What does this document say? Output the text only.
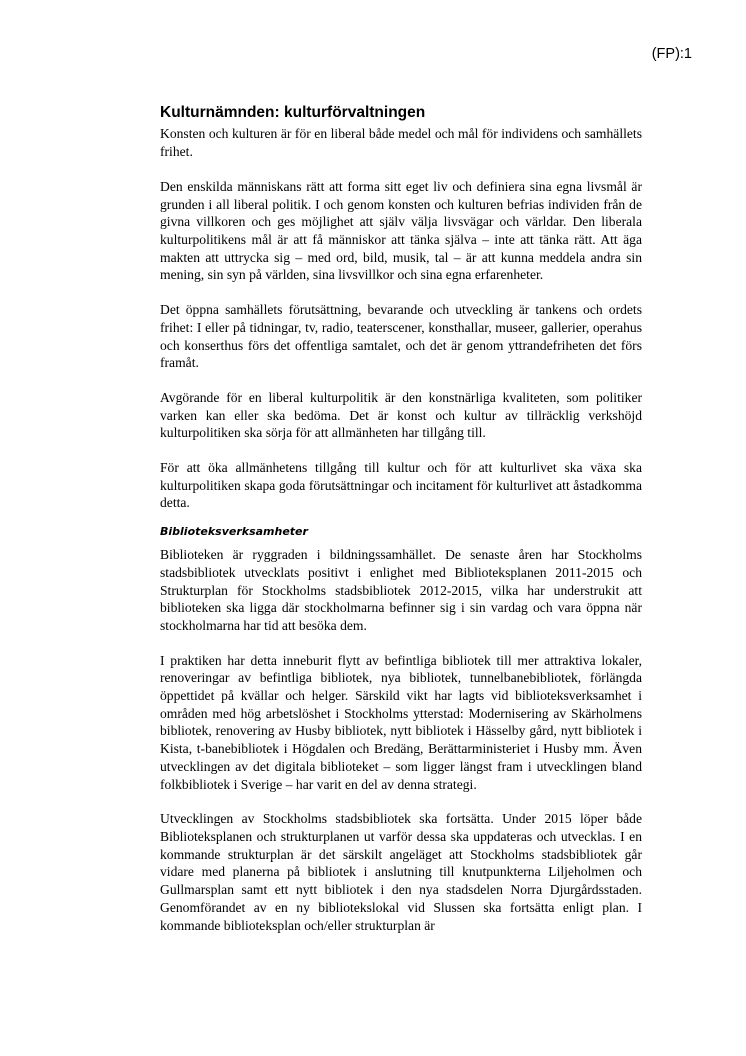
(FP):1
Kulturnämnden: kulturförvaltningen

Konsten och kulturen är för en liberal både medel och mål för individens och samhällets frihet.

Den enskilda människans rätt att forma sitt eget liv och definiera sina egna livsmål är grunden i all liberal politik. I och genom konsten och kulturen befrias individen från de givna villkoren och ges möjlighet att själv välja livsvägar och världar. Den liberala kulturpolitikens mål är att få människor att tänka själva – inte att tänka rätt. Att äga makten att uttrycka sig – med ord, bild, musik, tal – är att kunna meddela andra sin mening, sin syn på världen, sina livsvillkor och sina egna erfarenheter.

Det öppna samhällets förutsättning, bevarande och utveckling är tankens och ordets frihet: I eller på tidningar, tv, radio, teaterscener, konsthallar, museer, gallerier, operahus och konserthus förs det offentliga samtalet, och det är genom yttrandefriheten det förs framåt.

Avgörande för en liberal kulturpolitik är den konstnärliga kvaliteten, som politiker varken kan eller ska bedöma. Det är konst och kultur av tillräcklig verkshöjd kulturpolitiken ska sörja för att allmänheten har tillgång till.

För att öka allmänhetens tillgång till kultur och för att kulturlivet ska växa ska kulturpolitiken skapa goda förutsättningar och incitament för kulturlivet att åstadkomma detta.

Biblioteksverksamheter

Biblioteken är ryggraden i bildningssamhället. De senaste åren har Stockholms stadsbibliotek utvecklats positivt i enlighet med Biblioteksplanen 2011-2015 och Strukturplan för Stockholms stadsbibliotek 2012-2015, vilka har understrukit att biblioteken ska ligga där stockholmarna befinner sig i sin vardag och vara öppna när stockholmarna har tid att besöka dem.

I praktiken har detta inneburit flytt av befintliga bibliotek till mer attraktiva lokaler, renoveringar av befintliga bibliotek, nya bibliotek, tunnelbanebibliotek, förlängda öppettidet på kvällar och helger. Särskild vikt har lagts vid biblioteksverksamhet i områden med hög arbetslöshet i Stockholms ytterstad: Modernisering av Skärholmens bibliotek, renovering av Husby bibliotek, nytt bibliotek i Hässelby gård, nytt bibliotek i Kista, t-banebibliotek i Högdalen och Bredäng, Berättarministeriet i Husby mm. Även utvecklingen av det digitala biblioteket – som ligger längst fram i utvecklingen bland folkbibliotek i Sverige – har varit en del av denna strategi.

Utvecklingen av Stockholms stadsbibliotek ska fortsätta. Under 2015 löper både Biblioteksplanen och strukturplanen ut varför dessa ska uppdateras och utvecklas. I en kommande strukturplan är det särskilt angeläget att Stockholms stadsbibliotek går vidare med planerna på bibliotek i anslutning till knutpunkterna Liljeholmen och Gullmarsplan samt ett nytt bibliotek i den nya stadsdelen Norra Djurgårdsstaden. Genomförandet av en ny bibliotekslokal vid Slussen ska fortsätta enligt plan. I kommande biblioteksplan och/eller strukturplan är
